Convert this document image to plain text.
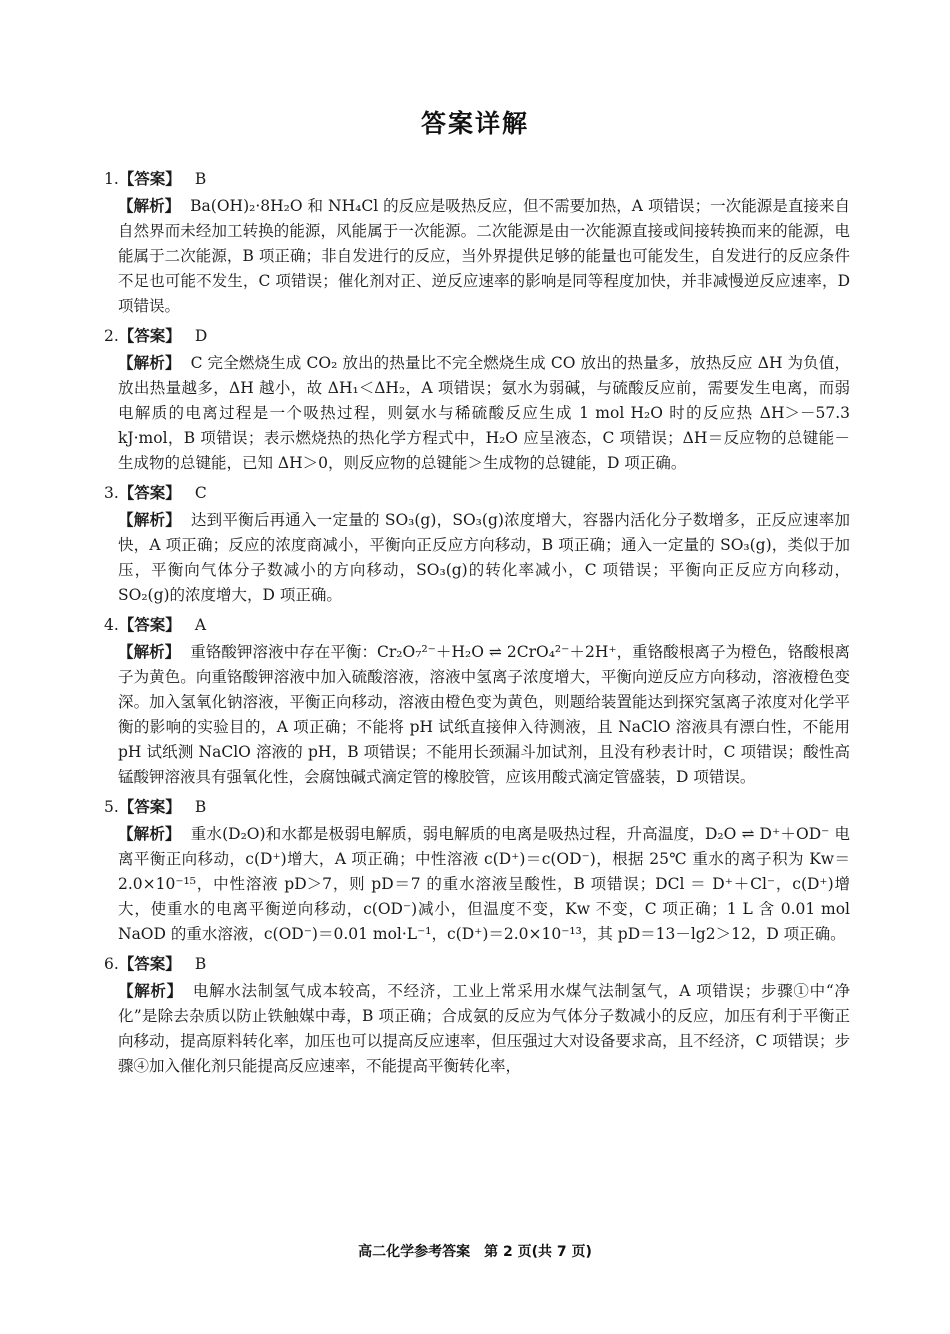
答案详解
1.【答案】 B
【解析】 Ba(OH)₂·8H₂O 和 NH₄Cl 的反应是吸热反应，但不需要加热，A 项错误；一次能源是直接来自自然界而未经加工转换的能源，风能属于一次能源。二次能源是由一次能源直接或间接转换而来的能源，电能属于二次能源，B 项正确；非自发进行的反应，当外界提供足够的能量也可能发生，自发进行的反应条件不足也可能不发生，C 项错误；催化剂对正、逆反应速率的影响是同等程度加快，并非减慢逆反应速率，D 项错误。
2.【答案】 D
【解析】 C 完全燃烧生成 CO₂ 放出的热量比不完全燃烧生成 CO 放出的热量多，放热反应 ΔH 为负值，放出热量越多，ΔH 越小，故 ΔH₁＜ΔH₂，A 项错误；氨水为弱碱，与硫酸反应前，需要发生电离，而弱电解质的电离过程是一个吸热过程，则氨水与稀硫酸反应生成 1 mol H₂O 时的反应热 ΔH＞－57.3 kJ·mol，B 项错误；表示燃烧热的热化学方程式中，H₂O 应呈液态，C 项错误；ΔH＝反应物的总键能－生成物的总键能，已知 ΔH＞0，则反应物的总键能＞生成物的总键能，D 项正确。
3.【答案】 C
【解析】 达到平衡后再通入一定量的 SO₃(g)，SO₃(g)浓度增大，容器内活化分子数增多，正反应速率加快，A 项正确；反应的浓度商减小，平衡向正反应方向移动，B 项正确；通入一定量的 SO₃(g)，类似于加压，平衡向气体分子数减小的方向移动，SO₃(g)的转化率减小，C 项错误；平衡向正反应方向移动，SO₂(g)的浓度增大，D 项正确。
4.【答案】 A
【解析】 重铬酸钾溶液中存在平衡：Cr₂O₇²⁻＋H₂O ⇌ 2CrO₄²⁻＋2H⁺，重铬酸根离子为橙色，铬酸根离子为黄色。向重铬酸钾溶液中加入硫酸溶液，溶液中氢离子浓度增大，平衡向逆反应方向移动，溶液橙色变深。加入氢氧化钠溶液，平衡正向移动，溶液由橙色变为黄色，则题给装置能达到探究氢离子浓度对化学平衡的影响的实验目的，A 项正确；不能将 pH 试纸直接伸入待测液，且 NaClO 溶液具有漂白性，不能用 pH 试纸测 NaClO 溶液的 pH，B 项错误；不能用长颈漏斗加试剂，且没有秒表计时，C 项错误；酸性高锰酸钾溶液具有强氧化性，会腐蚀碱式滴定管的橡胶管，应该用酸式滴定管盛装，D 项错误。
5.【答案】 B
【解析】 重水(D₂O)和水都是极弱电解质，弱电解质的电离是吸热过程，升高温度，D₂O ⇌ D⁺＋OD⁻ 电离平衡正向移动，c(D⁺)增大，A 项正确；中性溶液 c(D⁺)＝c(OD⁻)，根据 25℃ 重水的离子积为 Kw＝2.0×10⁻¹⁵，中性溶液 pD＞7，则 pD＝7 的重水溶液呈酸性，B 项错误；DCl ＝ D⁺＋Cl⁻，c(D⁺)增大，使重水的电离平衡逆向移动，c(OD⁻)减小，但温度不变，Kw 不变，C 项正确；1 L 含 0.01 mol NaOD 的重水溶液，c(OD⁻)＝0.01 mol·L⁻¹，c(D⁺)＝2.0×10⁻¹³，其 pD＝13－lg2＞12，D 项正确。
6.【答案】 B
【解析】 电解水法制氢气成本较高，不经济，工业上常采用水煤气法制氢气，A 项错误；步骤①中“净化”是除去杂质以防止铁触媒中毒，B 项正确；合成氨的反应为气体分子数减小的反应，加压有利于平衡正向移动，提高原料转化率，加压也可以提高反应速率，但压强过大对设备要求高，且不经济，C 项错误；步骤④加入催化剂只能提高反应速率，不能提高平衡转化率，
高二化学参考答案　第 2 页(共 7 页)
